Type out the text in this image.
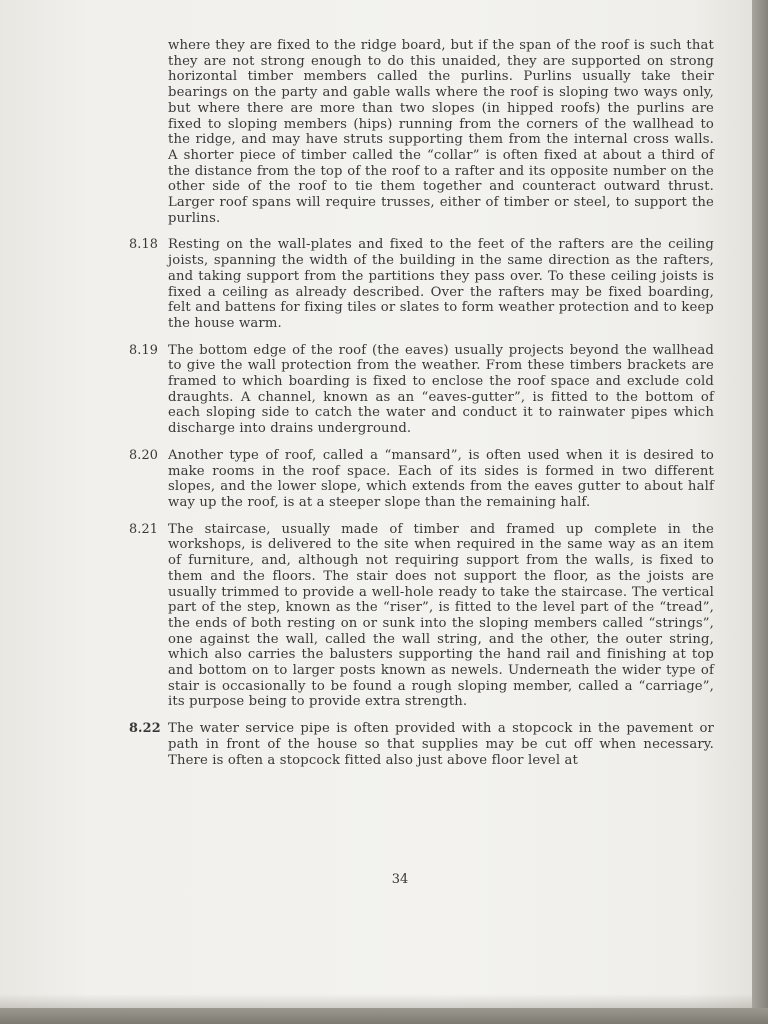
where they are fixed to the ridge board, but if the span of the roof is such that they are not strong enough to do this unaided, they are supported on strong horizontal timber members called the purlins. Purlins usually take their bearings on the party and gable walls where the roof is sloping two ways only, but where there are more than two slopes (in hipped roofs) the purlins are fixed to sloping members (hips) running from the corners of the wallhead to the ridge, and may have struts supporting them from the internal cross walls. A shorter piece of timber called the “collar” is often fixed at about a third of the distance from the top of the roof to a rafter and its opposite number on the other side of the roof to tie them together and counteract outward thrust. Larger roof spans will require trusses, either of timber or steel, to support the purlins.

8.18 Resting on the wall-plates and fixed to the feet of the rafters are the ceiling joists, spanning the width of the building in the same direction as the rafters, and taking support from the partitions they pass over. To these ceiling joists is fixed a ceiling as already described. Over the rafters may be fixed boarding, felt and battens for fixing tiles or slates to form weather protection and to keep the house warm.

8.19 The bottom edge of the roof (the eaves) usually projects beyond the wallhead to give the wall protection from the weather. From these timbers brackets are framed to which boarding is fixed to enclose the roof space and exclude cold draughts. A channel, known as an “eaves-gutter”, is fitted to the bottom of each sloping side to catch the water and conduct it to rainwater pipes which discharge into drains underground.

8.20 Another type of roof, called a “mansard”, is often used when it is desired to make rooms in the roof space. Each of its sides is formed in two different slopes, and the lower slope, which extends from the eaves gutter to about half way up the roof, is at a steeper slope than the remaining half.

8.21 The staircase, usually made of timber and framed up complete in the workshops, is delivered to the site when required in the same way as an item of furniture, and, although not requiring support from the walls, is fixed to them and the floors. The stair does not support the floor, as the joists are usually trimmed to provide a well-hole ready to take the staircase. The vertical part of the step, known as the “riser”, is fitted to the level part of the “tread”, the ends of both resting on or sunk into the sloping members called “strings”, one against the wall, called the wall string, and the other, the outer string, which also carries the balusters supporting the hand rail and finishing at top and bottom on to larger posts known as newels. Underneath the wider type of stair is occasionally to be found a rough sloping member, called a “carriage”, its purpose being to provide extra strength.

8.22 The water service pipe is often provided with a stopcock in the pavement or path in front of the house so that supplies may be cut off when necessary. There is often a stopcock fitted also just above floor level at

34
